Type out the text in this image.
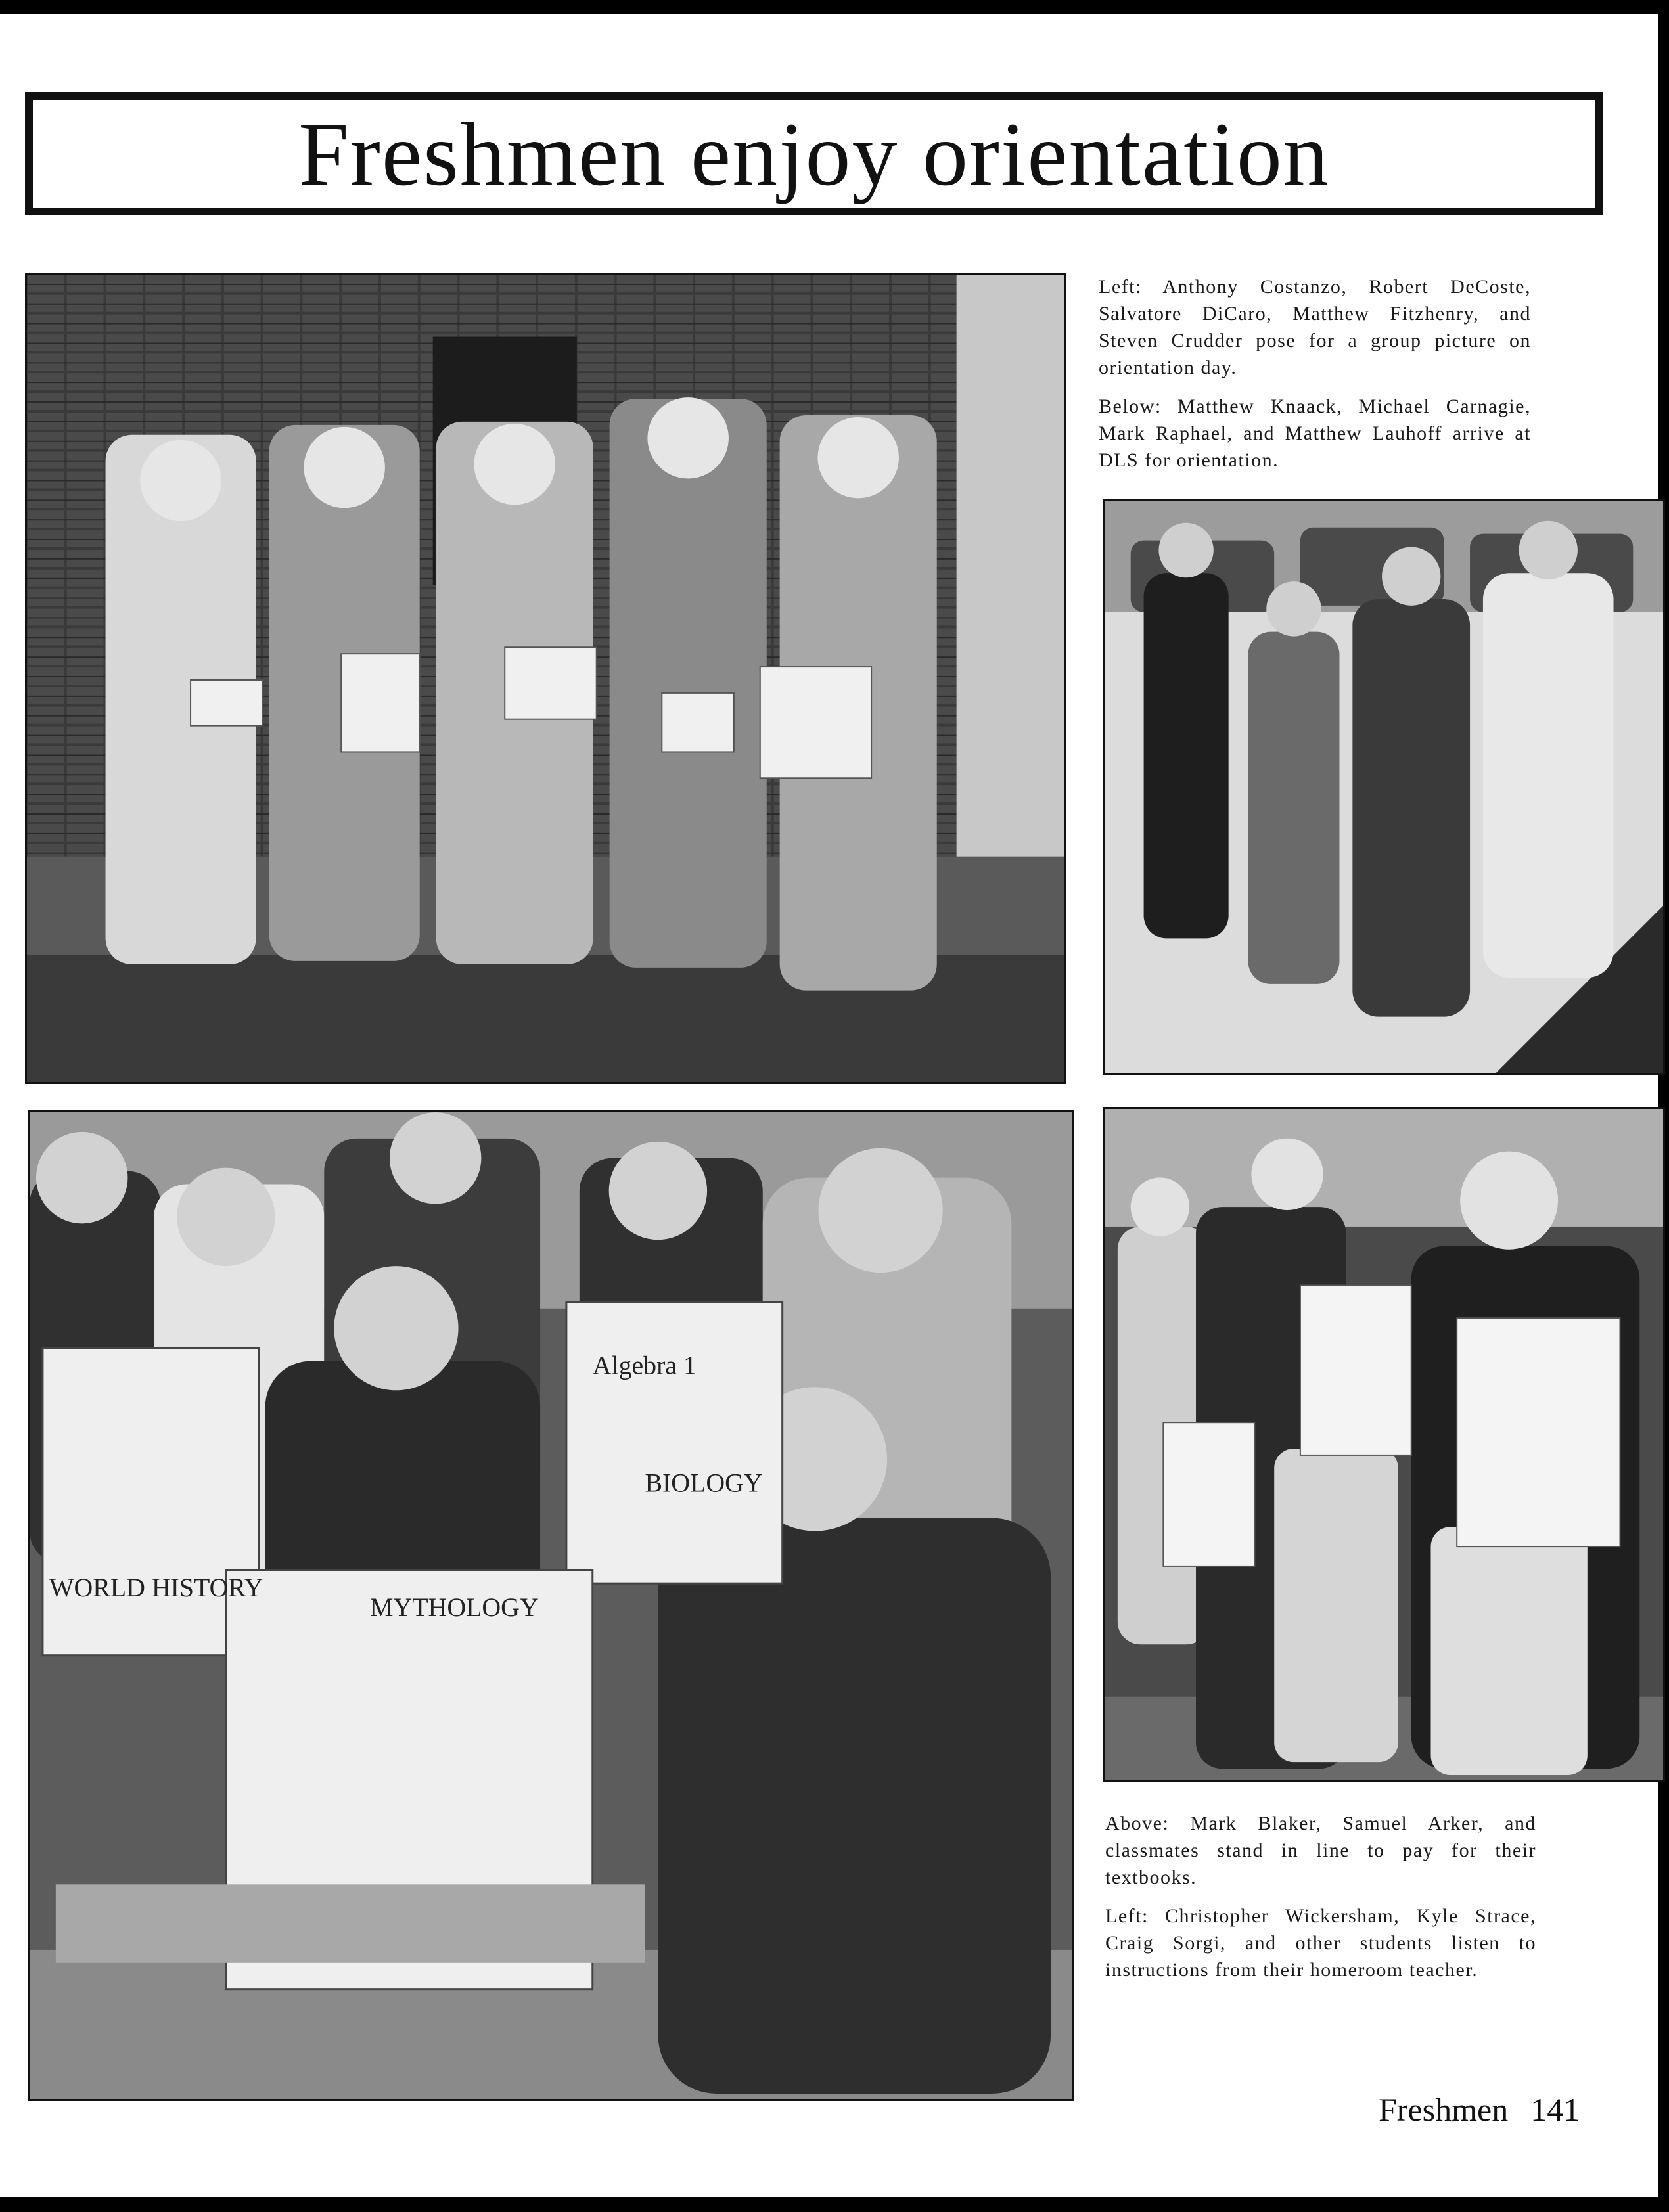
Freshmen enjoy orientation

Left: Anthony Costanzo, Robert DeCoste, Salvatore DiCaro, Matthew Fitzhenry, and Steven Crudder pose for a group picture on orientation day.

Below: Matthew Knaack, Michael Carnagie, Mark Raphael, and Matthew Lauhoff arrive at DLS for orientation.

WORLD HISTORY
BIOLOGY
MYTHOLOGY
Algebra 1

Above: Mark Blaker, Samuel Arker, and classmates stand in line to pay for their textbooks.

Left: Christopher Wickersham, Kyle Strace, Craig Sorgi, and other students listen to instructions from their homeroom teacher.

Freshmen 141
